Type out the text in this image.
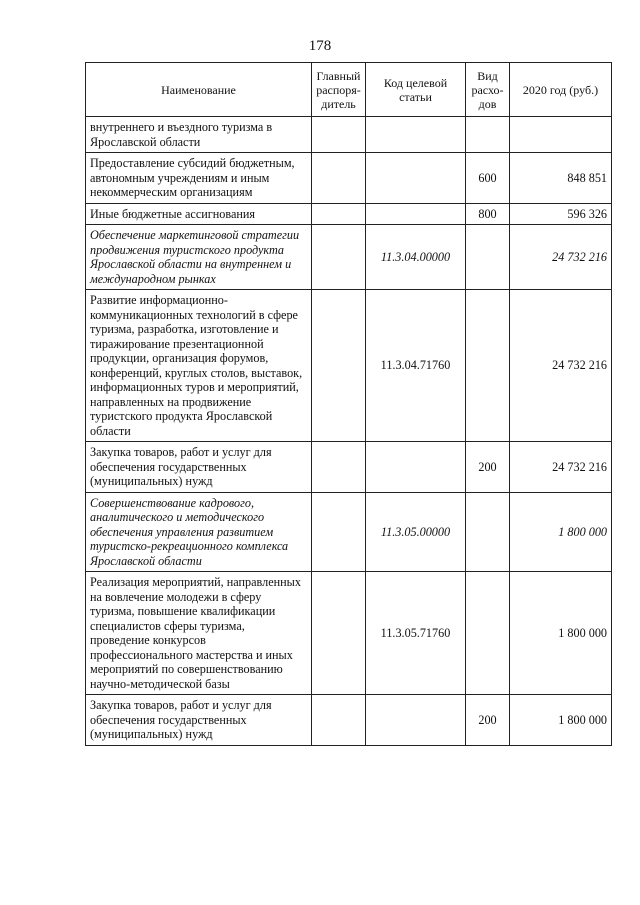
178
Наименование	Главный распоря-дитель	Код целевой статьи	Вид расхо-дов	2020 год (руб.)
внутреннего и въездного туризма в Ярославской области				
Предоставление субсидий бюджетным, автономным учреждениям и иным некоммерческим организациям			600	848 851
Иные бюджетные ассигнования			800	596 326
Обеспечение маркетинговой стратегии продвижения туристского продукта Ярославской области на внутреннем и международном рынках		11.3.04.00000		24 732 216
Развитие информационно-коммуникационных технологий в сфере туризма, разработка, изготовление и тиражирование презентационной продукции, организация форумов, конференций, круглых столов, выставок, информационных туров и мероприятий, направленных на продвижение туристского продукта Ярославской области		11.3.04.71760		24 732 216
Закупка товаров, работ и услуг для обеспечения государственных (муниципальных) нужд			200	24 732 216
Совершенствование кадрового, аналитического и методического обеспечения управления развитием туристско-рекреационного комплекса Ярославской области		11.3.05.00000		1 800 000
Реализация мероприятий, направленных на вовлечение молодежи в сферу туризма, повышение квалификации специалистов сферы туризма, проведение конкурсов профессионального мастерства и иных мероприятий по совершенствованию научно-методической базы		11.3.05.71760		1 800 000
Закупка товаров, работ и услуг для обеспечения государственных (муниципальных) нужд			200	1 800 000
